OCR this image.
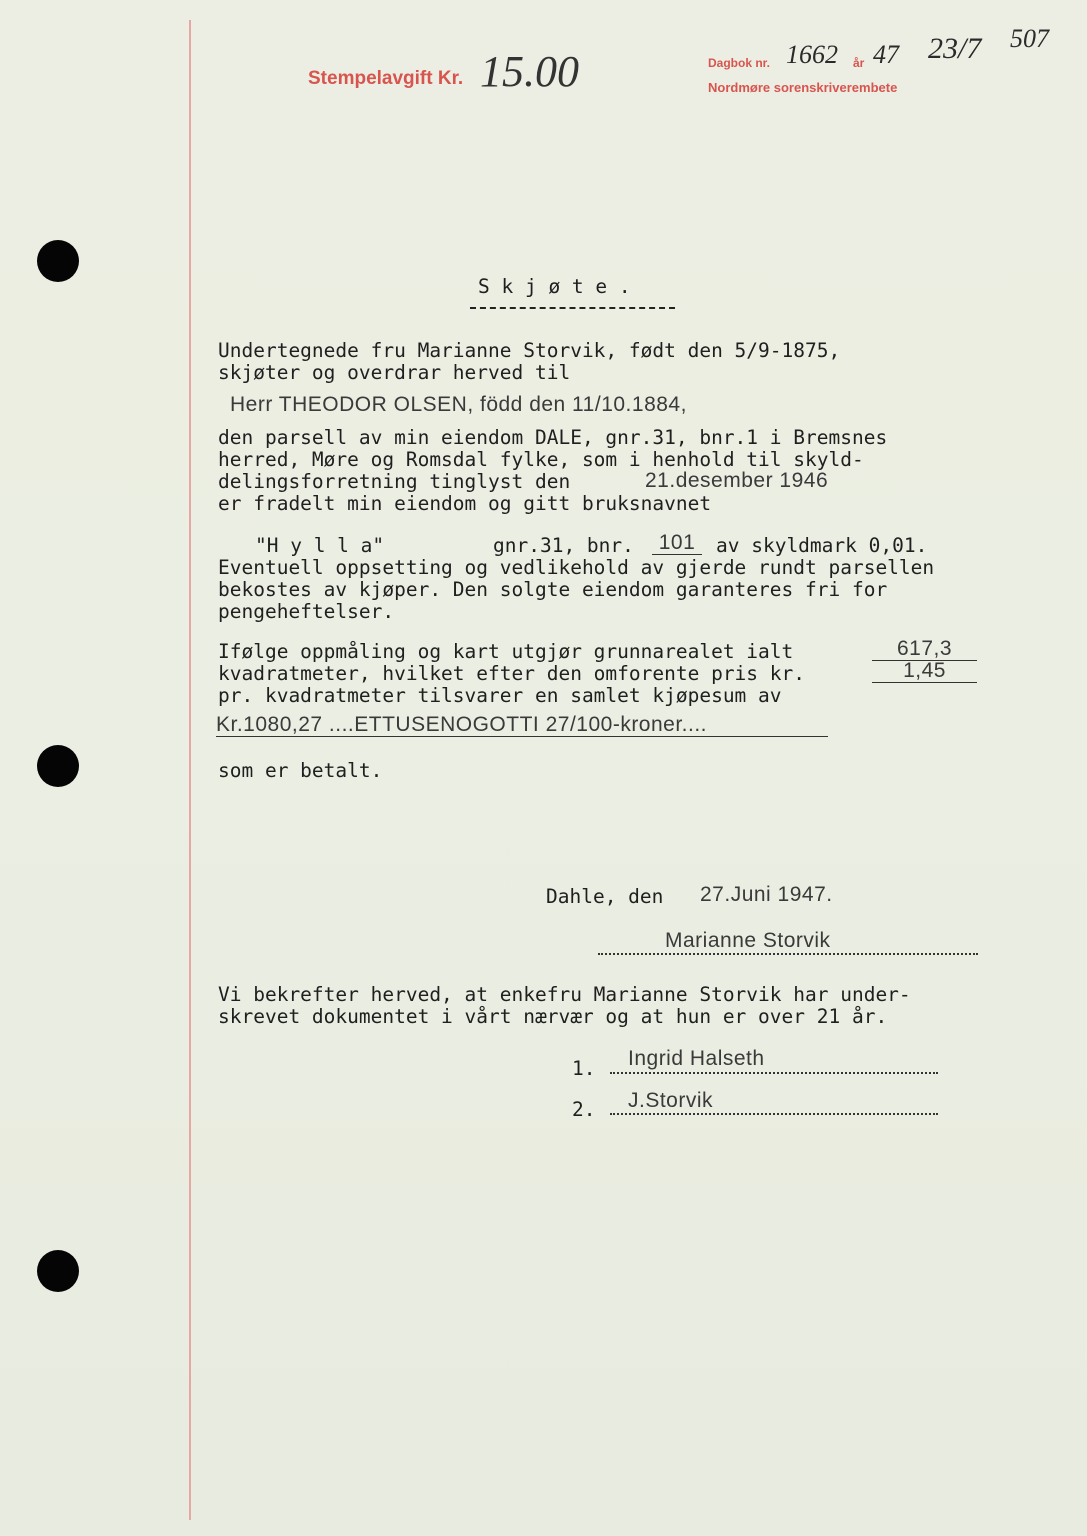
Stempelavgift Kr. 15.00	Dagbok nr. 1662 år 47 23/7
Nordmøre sorenskriverembete
507
S k j ø t e .
Undertegnede fru Marianne Storvik, født den 5/9-1875,
skjøter og overdrar herved til
Herr THEODOR OLSEN, född den 11/10.1884,
den parsell av min eiendom DALE, gnr.31, bnr.1 i Bremsnes
herred, Møre og Romsdal fylke, som i henhold til skyld-
delingsforretning tinglyst den	21.desember 1946
er fradelt min eiendom og gitt bruksnavnet
"H y l l a"	gnr.31, bnr.	101	av skyldmark 0,01.
Eventuell oppsetting og vedlikehold av gjerde rundt parsellen
bekostes av kjøper. Den solgte eiendom garanteres fri for
pengeheftelser.
Ifølge oppmåling og kart utgjør grunnarealet ialt	617,3
kvadratmeter, hvilket efter den omforente pris kr.	1,45
pr. kvadratmeter tilsvarer en samlet kjøpesum av
Kr.1080,27 ....ETTUSENOGOTTI 27/100-kroner....
som er betalt.
Dahle, den 27.Juni 1947.
Marianne Storvik
Vi bekrefter herved, at enkefru Marianne Storvik har under-
skrevet dokumentet i vårt nærvær og at hun er over 21 år.
1. Ingrid Halseth
2. J.Storvik
